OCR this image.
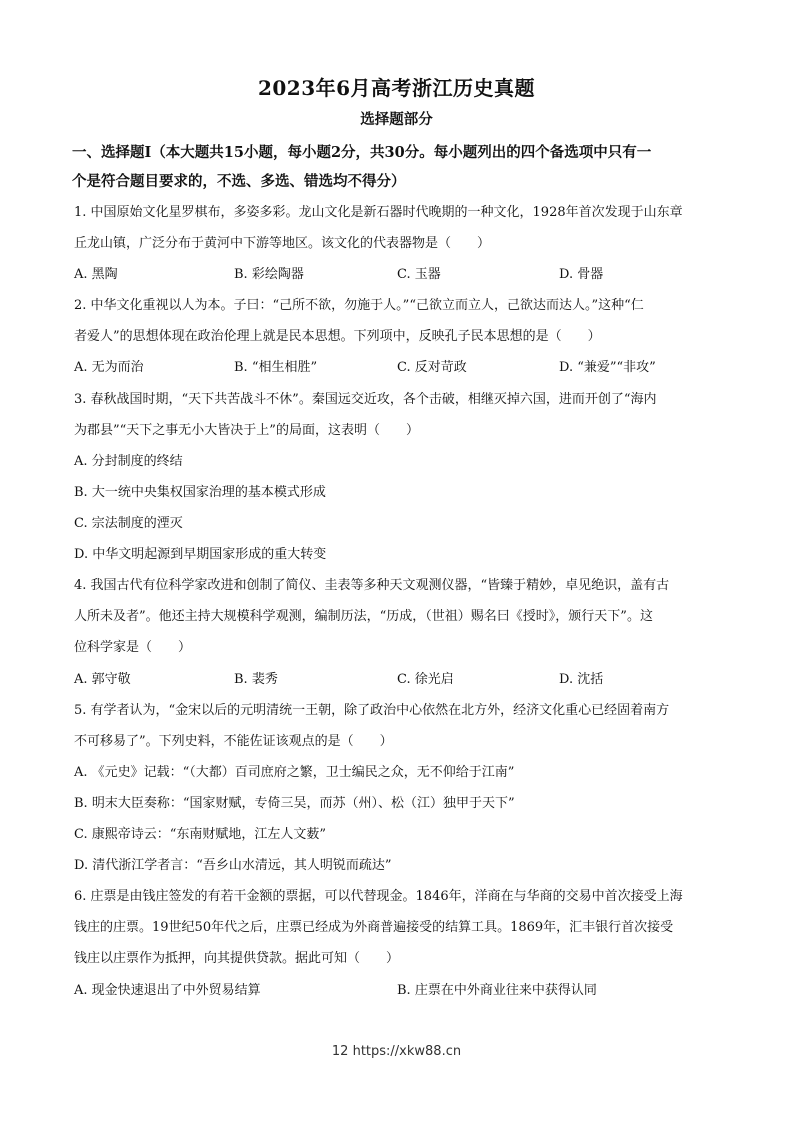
2023年6月高考浙江历史真题
选择题部分
一、选择题Ⅰ（本大题共15小题，每小题2分，共30分。每小题列出的四个备选项中只有一
个是符合题目要求的，不选、多选、错选均不得分）
1. 中国原始文化星罗棋布，多姿多彩。龙山文化是新石器时代晚期的一种文化，1928年首次发现于山东章
丘龙山镇，广泛分布于黄河中下游等地区。该文化的代表器物是（　　）
A. 黑陶	B. 彩绘陶器	C. 玉器	D. 骨器
2. 中华文化重视以人为本。子曰：“己所不欲，勿施于人。”“己欲立而立人，己欲达而达人。”这种“仁
者爱人”的思想体现在政治伦理上就是民本思想。下列项中，反映孔子民本思想的是（　　）
A. 无为而治	B. “相生相胜”	C. 反对苛政	D. “兼爱”“非攻”
3. 春秋战国时期，“天下共苦战斗不休”。秦国远交近攻，各个击破，相继灭掉六国，进而开创了“海内
为郡县”“天下之事无小大皆决于上”的局面，这表明（　　）
A. 分封制度的终结
B. 大一统中央集权国家治理的基本模式形成
C. 宗法制度的湮灭
D. 中华文明起源到早期国家形成的重大转变
4. 我国古代有位科学家改进和创制了简仪、圭表等多种天文观测仪器，“皆臻于精妙，卓见绝识，盖有古
人所未及者”。他还主持大规模科学观测，编制历法，“历成，（世祖）赐名曰《授时》，颁行天下”。这
位科学家是（　　）
A. 郭守敬	B. 裴秀	C. 徐光启	D. 沈括
5. 有学者认为，“金宋以后的元明清统一王朝，除了政治中心依然在北方外，经济文化重心已经固着南方
不可移易了”。下列史料，不能佐证该观点的是（　　）
A. 《元史》记载：“（大都）百司庶府之繁，卫士编民之众，无不仰给于江南”
B. 明末大臣奏称：“国家财赋，专倚三吴，而苏（州）、松（江）独甲于天下”
C. 康熙帝诗云：“东南财赋地，江左人文薮”
D. 清代浙江学者言：“吾乡山水清远，其人明锐而疏达”
6. 庄票是由钱庄签发的有若干金额的票据，可以代替现金。1846年，洋商在与华商的交易中首次接受上海
钱庄的庄票。19世纪50年代之后，庄票已经成为外商普遍接受的结算工具。1869年，汇丰银行首次接受
钱庄以庄票作为抵押，向其提供贷款。据此可知（　　）
A. 现金快速退出了中外贸易结算	B. 庄票在中外商业往来中获得认同
12 https://xkw88.cn
